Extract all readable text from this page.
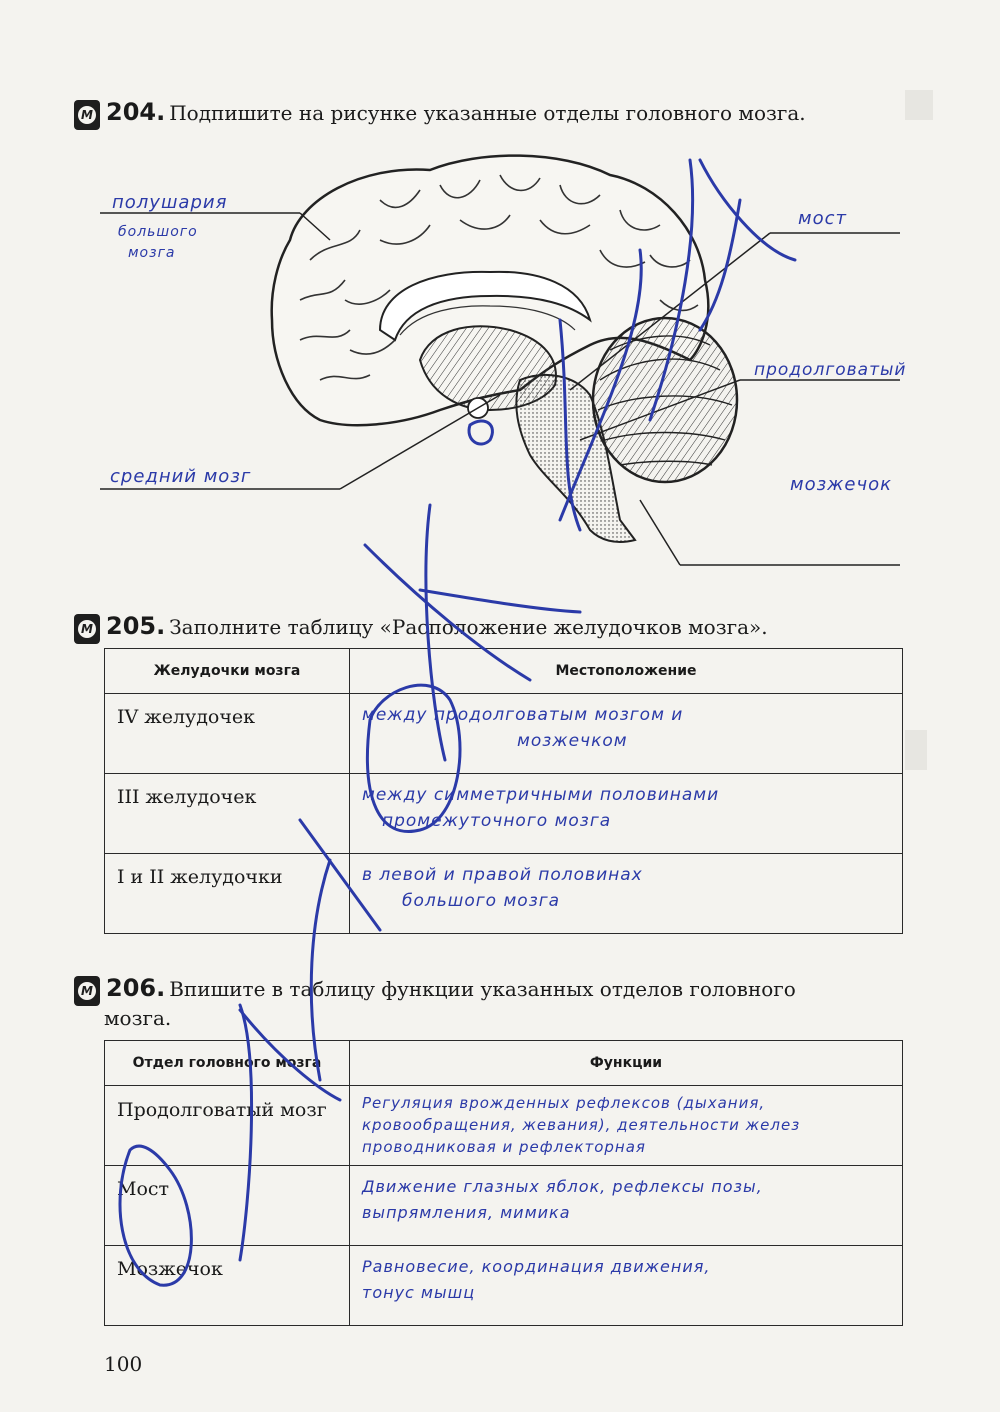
М 204. Подпишите на рисунке указанные отделы головного мозга.
полушария
большого
мозга
мост
продолговатый
средний мозг	мозжечок
М 205. Заполните таблицу «Расположение желудочков мозга».
Желудочки мозга	Местоположение
IV желудочек	между продолговатым мозгом и
мозжечком

III желудочек	между симметричными половинами
промежуточного мозга

I и II желудочки	в левой и правой половинах
большого мозга
М 206. Впишите в таблицу функции указанных отделов головного
мозга.
Отдел головного мозга	Функции
Продолговатый мозг	Регуляция врожденных рефлексов (дыхания,
кровообращения, жевания), деятельности желез
проводниковая и рефлекторная

Мост	Движение глазных яблок, рефлексы позы,
выпрямления, мимика

Мозжечок	Равновесие, координация движения,
тонус мышц
100
